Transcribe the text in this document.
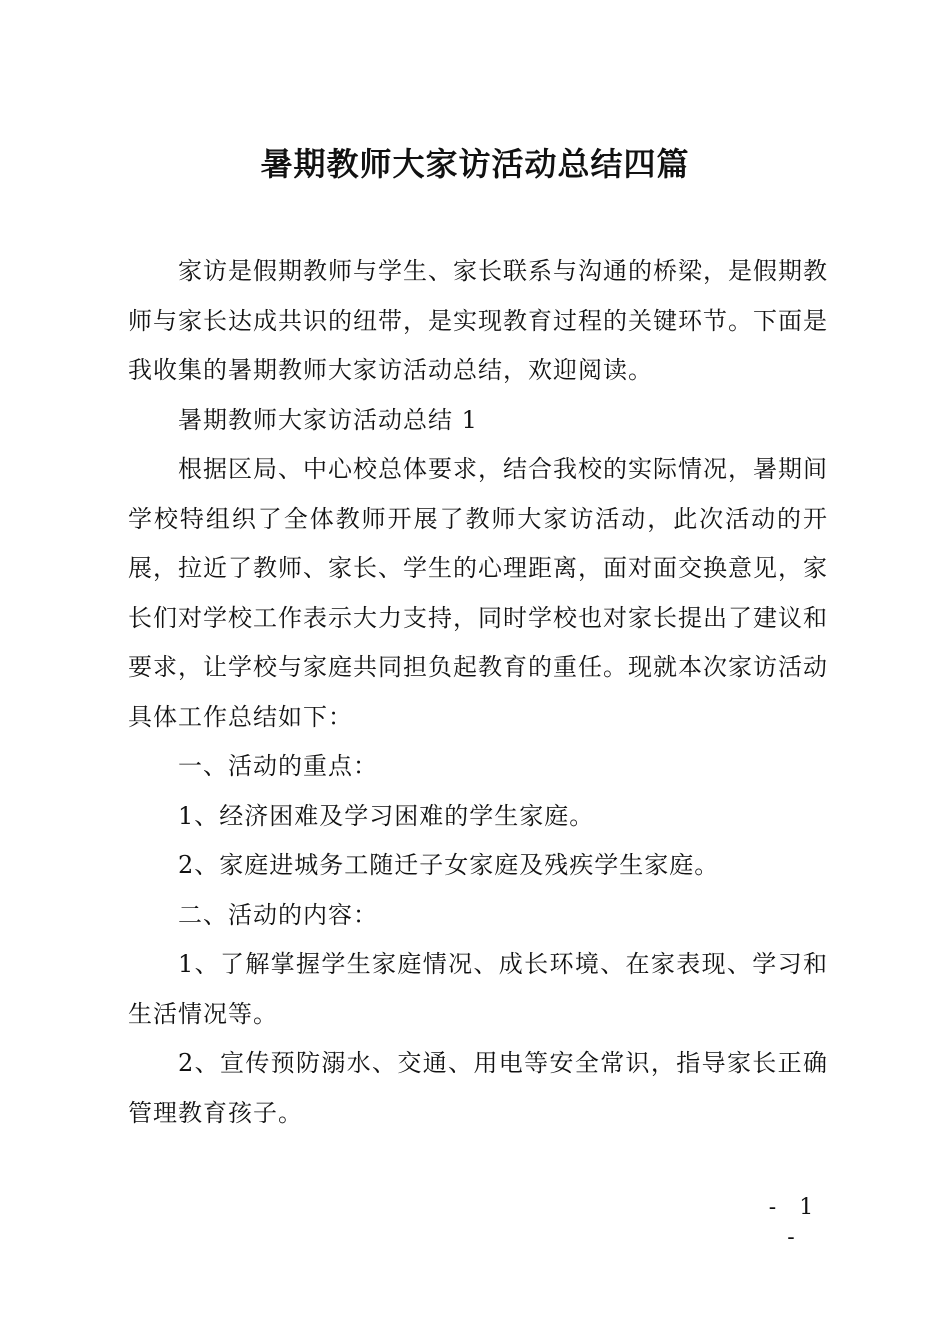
暑期教师大家访活动总结四篇

家访是假期教师与学生、家长联系与沟通的桥梁，是假期教师与家长达成共识的纽带，是实现教育过程的关键环节。下面是我收集的暑期教师大家访活动总结，欢迎阅读。

暑期教师大家访活动总结 1

根据区局、中心校总体要求，结合我校的实际情况，暑期间学校特组织了全体教师开展了教师大家访活动，此次活动的开展，拉近了教师、家长、学生的心理距离，面对面交换意见，家长们对学校工作表示大力支持，同时学校也对家长提出了建议和要求，让学校与家庭共同担负起教育的重任。现就本次家访活动具体工作总结如下：

一、活动的重点：

1、经济困难及学习困难的学生家庭。

2、家庭进城务工随迁子女家庭及残疾学生家庭。

二、活动的内容：

1、了解掌握学生家庭情况、成长环境、在家表现、学习和生活情况等。

2、宣传预防溺水、交通、用电等安全常识，指导家长正确管理教育孩子。

- 1 -
